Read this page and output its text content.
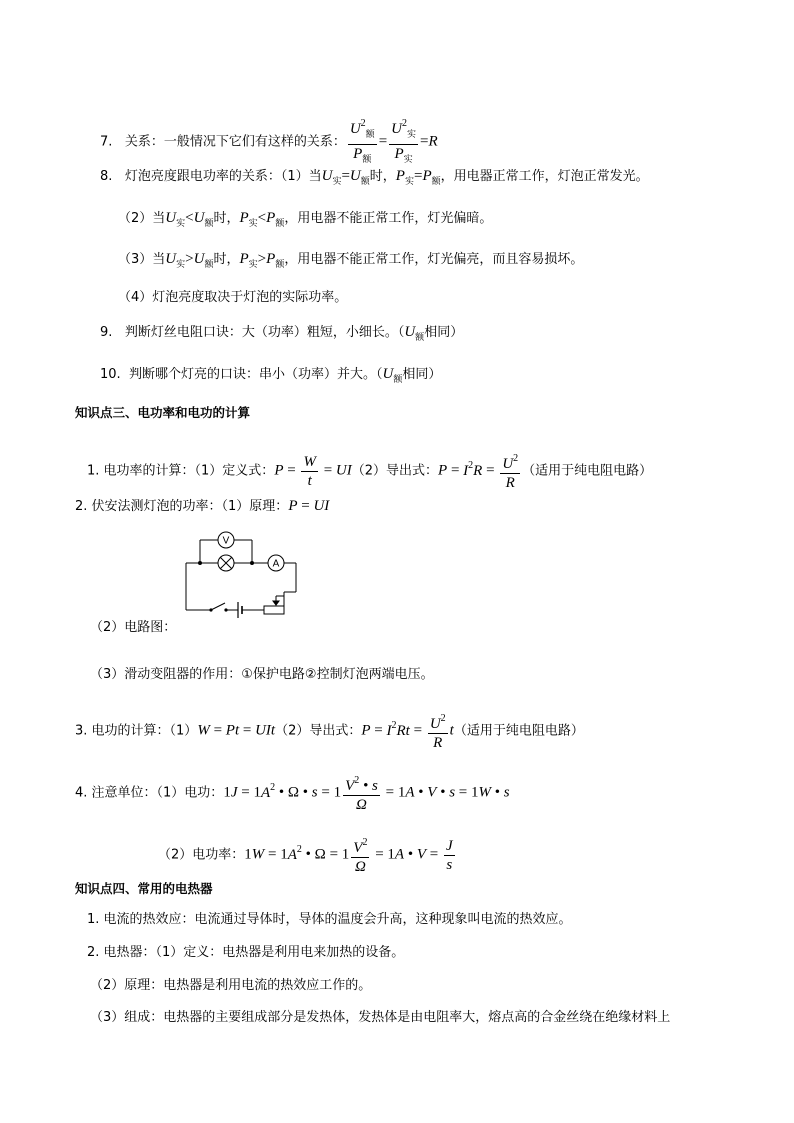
7. 关系：一般情况下它们有这样的关系： $\frac{U^2_额}{P_额} = \frac{U^2_实}{P_实} =R$
8. 灯泡亮度跟电功率的关系：（1）当$U_实=U_额$时，$P_实=P_额$，用电器正常工作，灯泡正常发光。
（2）当$U_实<U_额$时，$P_实<P_额$，用电器不能正常工作，灯光偏暗。
（3）当$U_实>U_额$时，$P_实>P_额$，用电器不能正常工作，灯光偏亮，而且容易损坏。
（4）灯泡亮度取决于灯泡的实际功率。
9. 判断灯丝电阻口诀：大（功率）粗短，小细长。（$U_额$相同）
10. 判断哪个灯亮的口诀：串小（功率）并大。（$U_额$相同）
知识点三、电功率和电功的计算
1. 电功率的计算：（1）定义式：$P = \frac{W}{t} = UI(2)$导出式：$P = I^2R = \frac{U^2}{R}$ （适用于纯电阻电路）
2. 伏安法测灯泡的功率：（1）原理：P = UI
V
A
（2）电路图：
（3）滑动变阻器的作用：①保护电路②控制灯泡两端电压。
3. 电功的计算：（1）W = Pt = UIt（2）导出式：$P = I^2Rt = \frac{U^2}{R} t$（适用于纯电阻电路）
4. 注意单位：（1）电功：$1J = 1A^2$ • Ω • $s = 1 \frac{V^2 • s}{\Omega} = 1A$ • V • s = 1W • s
（2）电功率：$1W = 1A^2$ • $\Omega = 1 \frac{V^2}{\Omega} = 1A$ • $V = \frac{J}{s}$
知识点四、常用的电热器
1. 电流的热效应：电流通过导体时，导体的温度会升高，这种现象叫电流的热效应。
2. 电热器：（1）定义：电热器是利用电来加热的设备。
（2）原理：电热器是利用电流的热效应工作的。
（3）组成：电热器的主要组成部分是发热体，发热体是由电阻率大，熔点高的合金丝绕在绝缘材料上
